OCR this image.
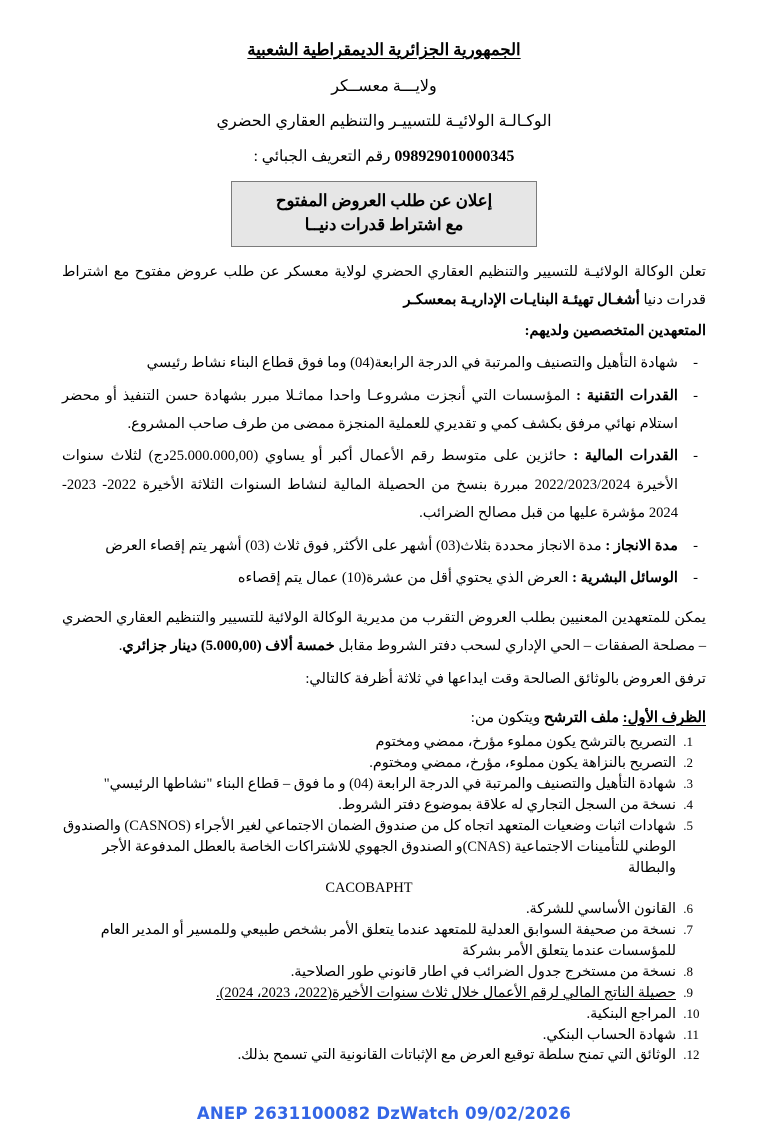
الجمهورية الجزائرية الديمقراطية الشعبية
ولايـــة معســكر
الوكـالـة الولائيـة للتسييـر والتنظيم العقاري الحضري
098929010000345 رقم التعريف الجبائي :
إعلان عن طلب العروض المفتوح
مع اشتراط قدرات دنيــا
تعلن الوكالة الولائيـة للتسيير والتنظيم العقاري الحضري لولاية معسكر عن طلب عروض مفتوح مع اشتراط قدرات دنيا أشغـال تهيئـة البنايـات الإداريـة بمعسكـر
المتعهدين المتخصصين ولديهم:
- شهادة التأهيل والتصنيف والمرتبة في الدرجة الرابعة(04) وما فوق قطاع البناء نشاط رئيسي
- القدرات التقنية : المؤسسات التي أنجزت مشروعـا واحدا مماثـلا مبرر بشهادة حسن التنفيذ أو محضر استلام نهائي مرفق بكشف كمي و تقديري للعملية المنجزة ممضى من طرف صاحب المشروع.
- القدرات المالية : حائزين على متوسط رقم الأعمال أكبر أو يساوي (25.000.000,00دج) لثلاث سنوات الأخيرة 2022/2023/2024 مبررة بنسخ من الحصيلة المالية لنشاط السنوات الثلاثة الأخيرة 2022- 2023- 2024 مؤشرة عليها من قبل مصالح الضرائب.
- مدة الانجاز : مدة الانجاز محددة بثلاث(03) أشهر على الأكثر, فوق ثلاث (03) أشهر يتم إقصاء العرض
- الوسائل البشرية : العرض الذي يحتوي أقل من عشرة(10) عمال يتم إقصاءه
يمكن للمتعهدين المعنيين بطلب العروض التقرب من مديرية الوكالة الولائية للتسيير والتنظيم العقاري الحضري – مصلحة الصفقات – الحي الإداري لسحب دفتر الشروط مقابل خمسة ألاف (5.000,00) دينار جزائري.
ترفق العروض بالوثائق الصالحة وقت ايداعها في ثلاثة أظرفة كالتالي:
الظرف الأول: ملف الترشح ويتكون من:
1. التصريح بالترشح يكون مملوء مؤرخ، ممضي ومختوم
2. التصريح بالنزاهة يكون مملوء، مؤرخ، ممضي ومختوم.
3. شهادة التأهيل والتصنيف والمرتبة في الدرجة الرابعة (04) و ما فوق – قطاع البناء "نشاطها الرئيسي"
4. نسخة من السجل التجاري له علاقة بموضوع دفتر الشروط.
5. شهادات اثبات وضعيات المتعهد اتجاه كل من صندوق الضمان الاجتماعي لغير الأجراء (CASNOS) والصندوق الوطني للتأمينات الاجتماعية (CNAS)و الصندوق الجهوي للاشتراكات الخاصة بالعطل المدفوعة الأجر والبطالة
CACOBAPHT
6. القانون الأساسي للشركة.
7. نسخة من صحيفة السوابق العدلية للمتعهد عندما يتعلق الأمر بشخص طبيعي وللمسير أو المدير العام للمؤسسات عندما يتعلق الأمر بشركة
8. نسخة من مستخرج جدول الضرائب في اطار قانوني طور الصلاحية.
9. حصيلة الناتج المالي لرقم الأعمال خلال ثلاث سنوات الأخيرة(2022، 2023، 2024).
10. المراجع البنكية.
11. شهادة الحساب البنكي.
12. الوثائق التي تمنح سلطة توقيع العرض مع الإثباتات القانونية التي تسمح بذلك.
ANEP 2631100082 DzWatch 09/02/2026
